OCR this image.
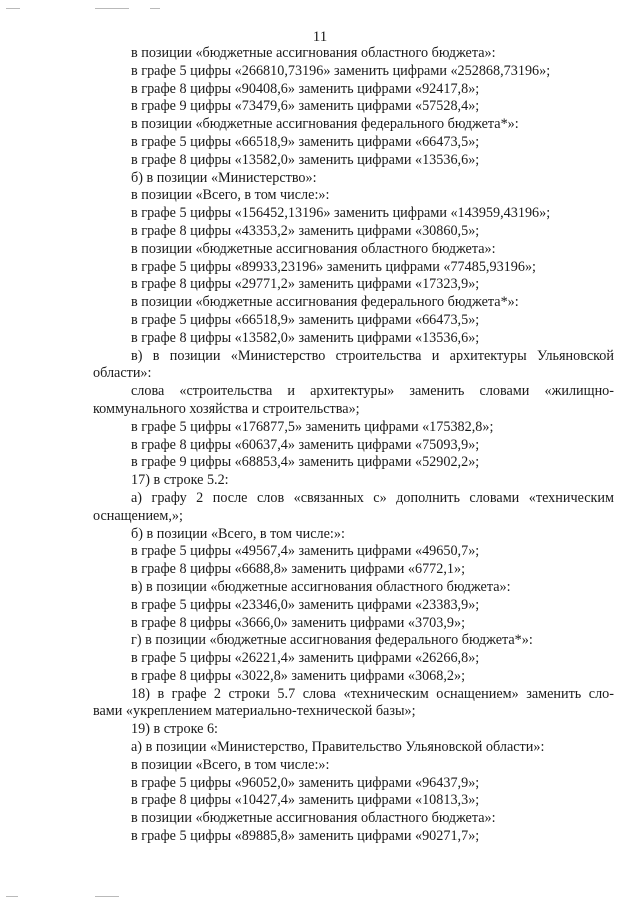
11
в позиции «бюджетные ассигнования областного бюджета»:
в графе 5 цифры «266810,73196» заменить цифрами «252868,73196»;
в графе 8 цифры «90408,6» заменить цифрами «92417,8»;
в графе 9 цифры «73479,6» заменить цифрами «57528,4»;
в позиции «бюджетные ассигнования федерального бюджета*»:
в графе 5 цифры «66518,9» заменить цифрами «66473,5»;
в графе 8 цифры «13582,0» заменить цифрами «13536,6»;
б) в позиции «Министерство»:
в позиции «Всего, в том числе:»:
в графе 5 цифры «156452,13196» заменить цифрами «143959,43196»;
в графе 8 цифры «43353,2» заменить цифрами «30860,5»;
в позиции «бюджетные ассигнования областного бюджета»:
в графе 5 цифры «89933,23196» заменить цифрами «77485,93196»;
в графе 8 цифры «29771,2» заменить цифрами «17323,9»;
в позиции «бюджетные ассигнования федерального бюджета*»:
в графе 5 цифры «66518,9» заменить цифрами «66473,5»;
в графе 8 цифры «13582,0» заменить цифрами «13536,6»;
в) в позиции «Министерство строительства и архитектуры Ульяновской
области»:
слова «строительства и архитектуры» заменить словами «жилищно-
коммунального хозяйства и строительства»;
в графе 5 цифры «176877,5» заменить цифрами «175382,8»;
в графе 8 цифры «60637,4» заменить цифрами «75093,9»;
в графе 9 цифры «68853,4» заменить цифрами «52902,2»;
17) в строке 5.2:
а) графу 2 после слов «связанных с» дополнить словами «техническим
оснащением,»;
б) в позиции «Всего, в том числе:»:
в графе 5 цифры «49567,4» заменить цифрами «49650,7»;
в графе 8 цифры «6688,8» заменить цифрами «6772,1»;
в) в позиции «бюджетные ассигнования областного бюджета»:
в графе 5 цифры «23346,0» заменить цифрами «23383,9»;
в графе 8 цифры «3666,0» заменить цифрами «3703,9»;
г) в позиции «бюджетные ассигнования федерального бюджета*»:
в графе 5 цифры «26221,4» заменить цифрами «26266,8»;
в графе 8 цифры «3022,8» заменить цифрами «3068,2»;
18) в графе 2 строки 5.7 слова «техническим оснащением» заменить сло-
вами «укреплением материально-технической базы»;
19) в строке 6:
а) в позиции «Министерство, Правительство Ульяновской области»:
в позиции «Всего, в том числе:»:
в графе 5 цифры «96052,0» заменить цифрами «96437,9»;
в графе 8 цифры «10427,4» заменить цифрами «10813,3»;
в позиции «бюджетные ассигнования областного бюджета»:
в графе 5 цифры «89885,8» заменить цифрами «90271,7»;
